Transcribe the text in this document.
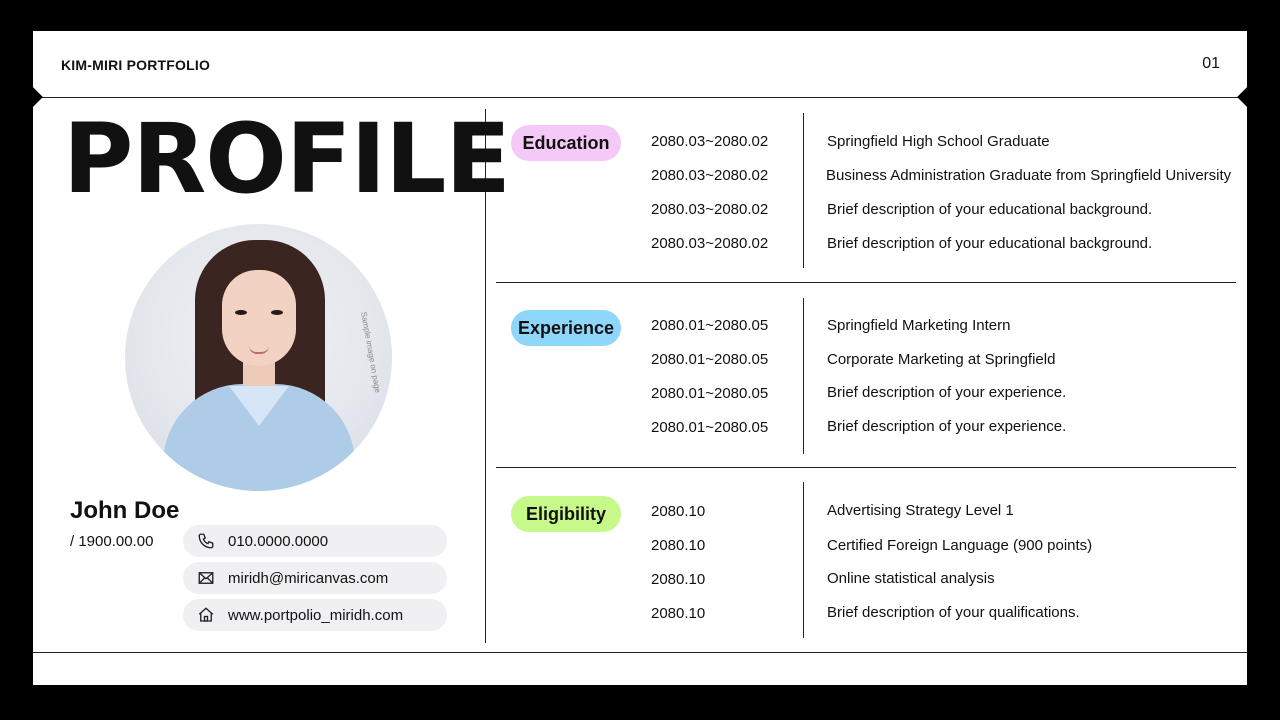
KIM-MIRI PORTFOLIO	01
PROFILE
Sample image on page
John Doe
/ 1900.00.00	010.0000.0000
miridh@miricanvas.com
www.portpolio_miridh.com
Education	2080.03~2080.02	Springfield High School Graduate
2080.03~2080.02	Business Administration Graduate from Springfield University
2080.03~2080.02	Brief description of your educational background.
2080.03~2080.02	Brief description of your educational background.
Experience	2080.01~2080.05	Springfield Marketing Intern
2080.01~2080.05	Corporate Marketing at Springfield
2080.01~2080.05	Brief description of your experience.
2080.01~2080.05	Brief description of your experience.
Eligibility	2080.10	Advertising Strategy Level 1
2080.10	Certified Foreign Language (900 points)
2080.10	Online statistical analysis
2080.10	Brief description of your qualifications.
